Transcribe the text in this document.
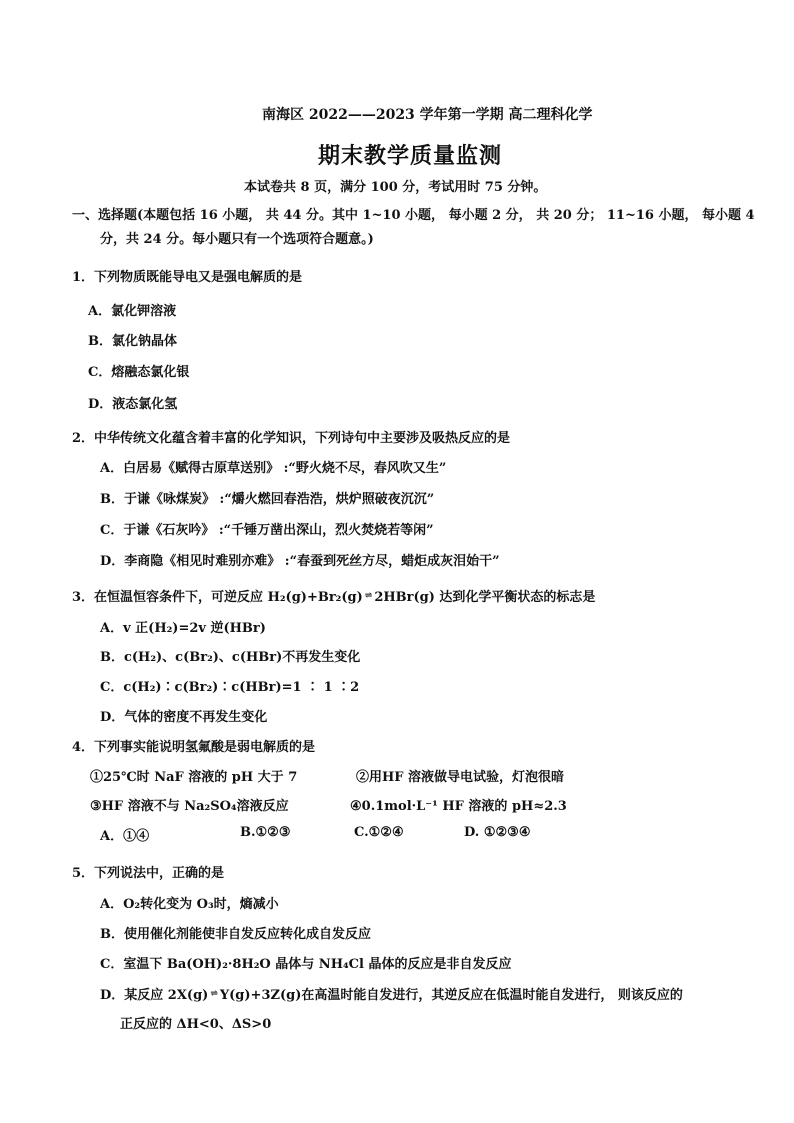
南海区 2022——2023 学年第一学期 高二理科化学
期末教学质量监测
本试卷共 8 页，满分 100 分，考试用时 75 分钟。
一、选择题(本题包括 16 小题， 共 44 分。其中 1~10 小题， 每小题 2 分， 共 20 分； 11~16 小题， 每小题 4
分，共 24 分。每小题只有一个选项符合题意。)
1．下列物质既能导电又是强电解质的是
A．氯化钾溶液
B．氯化钠晶体
C．熔融态氯化银
D．液态氯化氢
2．中华传统文化蕴含着丰富的化学知识，下列诗句中主要涉及吸热反应的是
A．白居易《赋得古原草送别》 :“野火烧不尽，春风吹又生”
B．于谦《咏煤炭》 :“爝火燃回春浩浩，烘炉照破夜沉沉”
C．于谦《石灰吟》 :“千锤万凿出深山，烈火焚烧若等闲”
D．李商隐《相见时难别亦难》 :“春蚕到死丝方尽，蜡炬成灰泪始干”
3．在恒温恒容条件下，可逆反应 H₂(g)+Br₂(g) ⇌ 2HBr(g) 达到化学平衡状态的标志是
A．v 正(H₂)=2v 逆(HBr)
B．c(H₂)、c(Br₂)、c(HBr)不再发生变化
C．c(H₂)∶c(Br₂)∶c(HBr)=1 ∶ 1 ∶2
D．气体的密度不再发生变化
4．下列事实能说明氢氟酸是弱电解质的是
①25℃时 NaF 溶液的 pH 大于 7	②用HF 溶液做导电试验，灯泡很暗
③HF 溶液不与 Na₂SO₄溶液反应	④0.1mol·L⁻¹ HF 溶液的 pH≈2.3
A．①④	B.①②③	C.①②④	D. ①②③④
5．下列说法中，正确的是
A．O₂转化变为 O₃时，熵减小
B．使用催化剂能使非自发反应转化成自发反应
C．室温下 Ba(OH)₂·8H₂O 晶体与 NH₄Cl 晶体的反应是非自发反应
D．某反应 2X(g) ⇌ Y(g)+3Z(g)在高温时能自发进行，其逆反应在低温时能自发进行， 则该反应的
正反应的 ΔH<0、ΔS>0
